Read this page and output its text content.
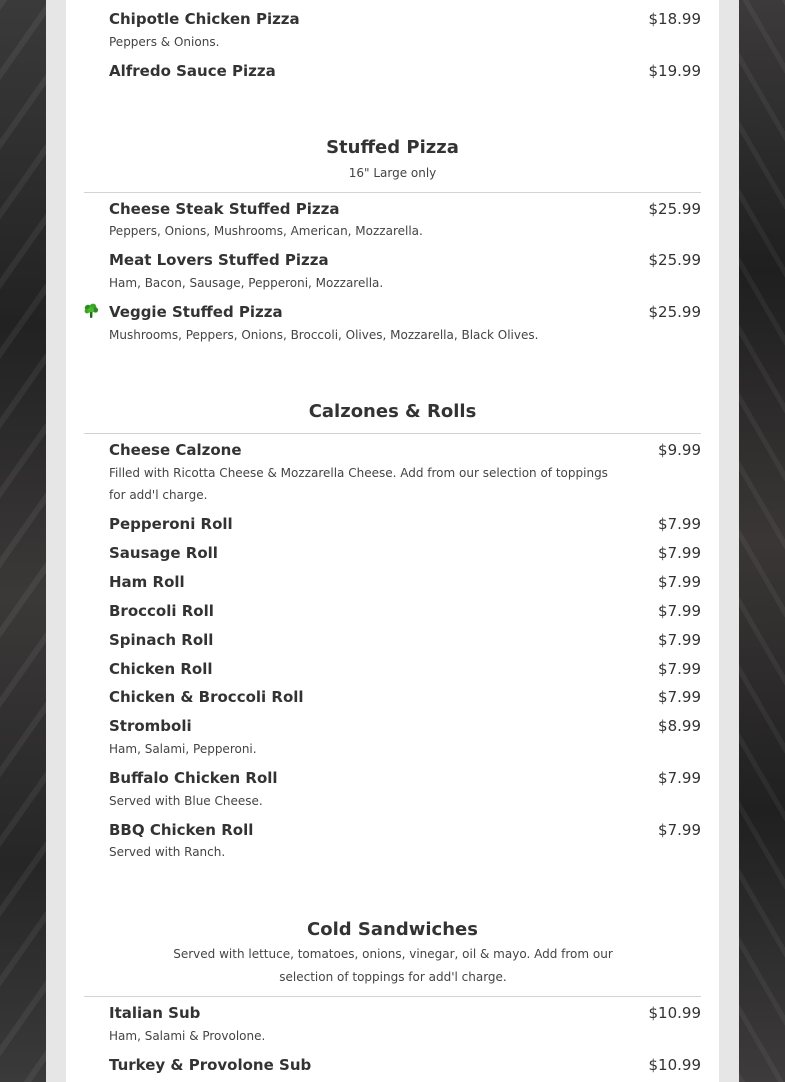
Chipotle Chicken Pizza	$18.99
Peppers & Onions.
Alfredo Sauce Pizza	$19.99
Stuffed Pizza
16" Large only
Cheese Steak Stuffed Pizza	$25.99
Peppers, Onions, Mushrooms, American, Mozzarella.
Meat Lovers Stuffed Pizza	$25.99
Ham, Bacon, Sausage, Pepperoni, Mozzarella.
Veggie Stuffed Pizza	$25.99
Mushrooms, Peppers, Onions, Broccoli, Olives, Mozzarella, Black Olives.
Calzones & Rolls
Cheese Calzone	$9.99
Filled with Ricotta Cheese & Mozzarella Cheese. Add from our selection of toppings for add'l charge.
Pepperoni Roll	$7.99
Sausage Roll	$7.99
Ham Roll	$7.99
Broccoli Roll	$7.99
Spinach Roll	$7.99
Chicken Roll	$7.99
Chicken & Broccoli Roll	$7.99
Stromboli	$8.99
Ham, Salami, Pepperoni.
Buffalo Chicken Roll	$7.99
Served with Blue Cheese.
BBQ Chicken Roll	$7.99
Served with Ranch.
Cold Sandwiches
Served with lettuce, tomatoes, onions, vinegar, oil & mayo. Add from our selection of toppings for add'l charge.
Italian Sub	$10.99
Ham, Salami & Provolone.
Turkey & Provolone Sub	$10.99
